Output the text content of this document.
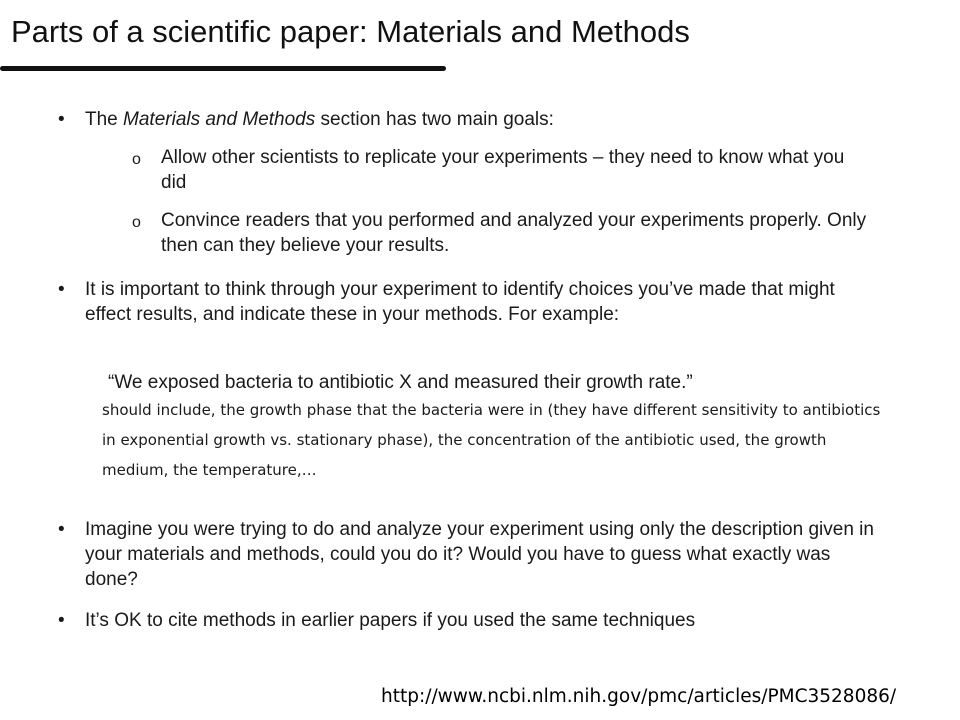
Parts of a scientific paper: Materials and Methods
• The Materials and Methods section has two main goals:
o Allow other scientists to replicate your experiments – they need to know what you did
o Convince readers that you performed and analyzed your experiments properly. Only then can they believe your results.
• It is important to think through your experiment to identify choices you’ve made that might effect results, and indicate these in your methods. For example:
“We exposed bacteria to antibiotic X and measured their growth rate.”
should include, the growth phase that the bacteria were in (they have different sensitivity to antibiotics in exponential growth vs. stationary phase), the concentration of the antibiotic used, the growth medium, the temperature,…
• Imagine you were trying to do and analyze your experiment using only the description given in your materials and methods, could you do it? Would you have to guess what exactly was done?
• It’s OK to cite methods in earlier papers if you used the same techniques
http://www.ncbi.nlm.nih.gov/pmc/articles/PMC3528086/
